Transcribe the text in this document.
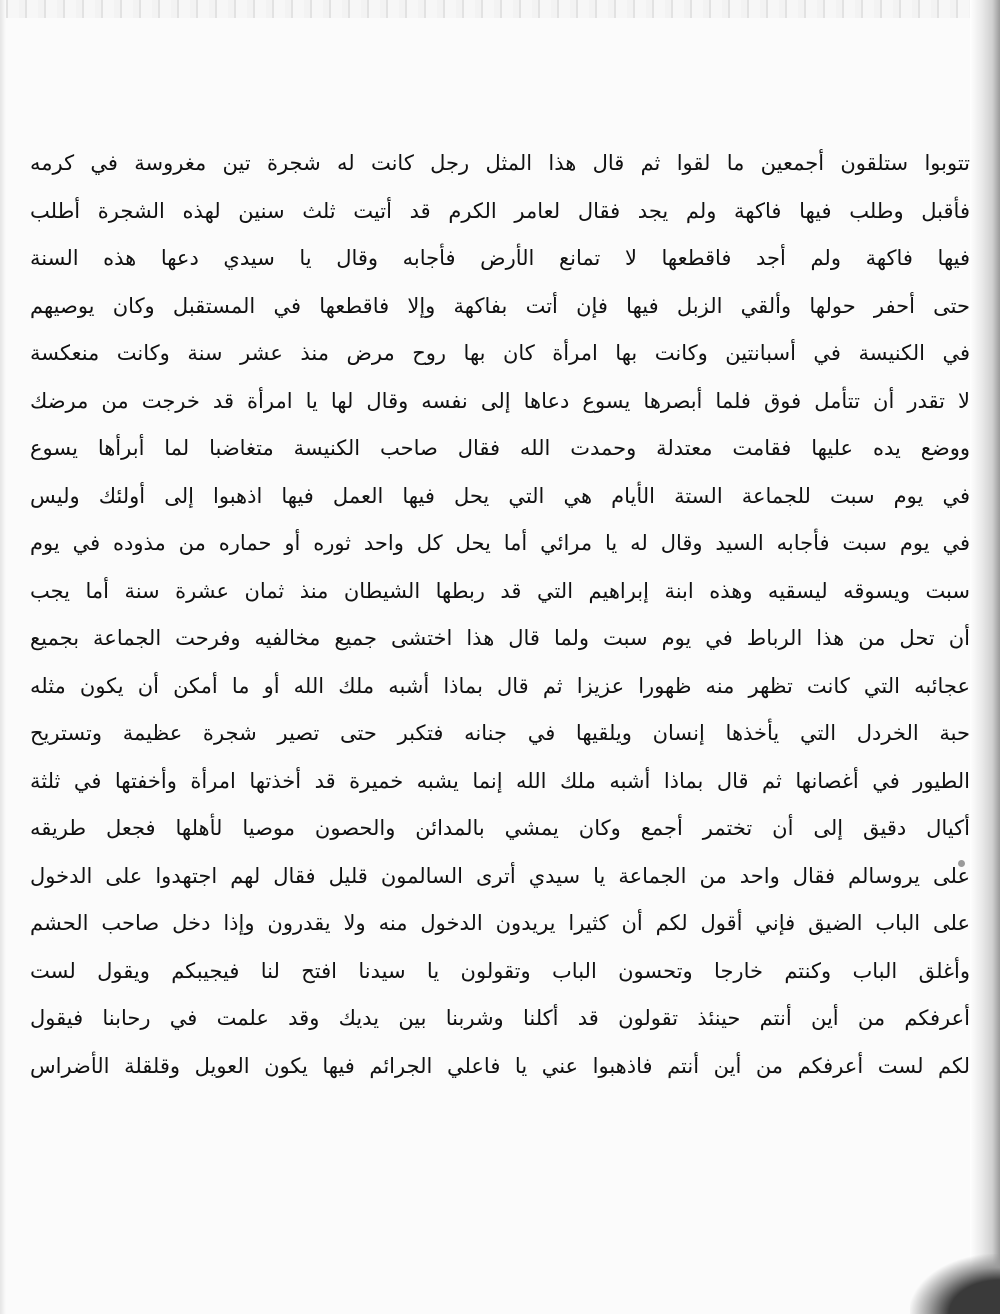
تتوبوا ستلقون أجمعين ما لقوا ثم قال هذا المثل رجل كانت له شجرة تين مغروسة في كرمه
فأقبل وطلب فيها فاكهة ولم يجد فقال لعامر الكرم قد أتيت ثلث سنين لهذه الشجرة أطلب
فيها فاكهة ولم أجد فاقطعها لا تمانع الأرض فأجابه وقال يا سيدي دعها هذه السنة
حتى أحفر حولها وألقي الزبل فيها فإن أتت بفاكهة وإلا فاقطعها في المستقبل وكان يوصيهم
في الكنيسة في أسبانتين وكانت بها امرأة كان بها روح مرض منذ عشر سنة وكانت منعكسة
لا تقدر أن تتأمل فوق فلما أبصرها يسوع دعاها إلى نفسه وقال لها يا امرأة قد خرجت من مرضك
ووضع يده عليها فقامت معتدلة وحمدت الله فقال صاحب الكنيسة متغاضبا لما أبرأها يسوع
في يوم سبت للجماعة الستة الأيام هي التي يحل فيها العمل فيها اذهبوا إلى أولئك وليس
في يوم سبت فأجابه السيد وقال له يا مرائي أما يحل كل واحد ثوره أو حماره من مذوده في يوم
سبت ويسوقه ليسقيه وهذه ابنة إبراهيم التي قد ربطها الشيطان منذ ثمان عشرة سنة أما يجب
أن تحل من هذا الرباط في يوم سبت ولما قال هذا اختشى جميع مخالفيه وفرحت الجماعة بجميع
عجائبه التي كانت تظهر منه ظهورا عزيزا ثم قال بماذا أشبه ملك الله أو ما أمكن أن يكون مثله
حبة الخردل التي يأخذها إنسان ويلقيها في جنانه فتكبر حتى تصير شجرة عظيمة وتستريح
الطيور في أغصانها ثم قال بماذا أشبه ملك الله إنما يشبه خميرة قد أخذتها امرأة وأخفتها في ثلثة
أكيال دقيق إلى أن تختمر أجمع وكان يمشي بالمدائن والحصون موصيا لأهلها فجعل طريقه
على يروسالم فقال واحد من الجماعة يا سيدي أترى السالمون قليل فقال لهم اجتهدوا على الدخول
على الباب الضيق فإني أقول لكم أن كثيرا يريدون الدخول منه ولا يقدرون وإذا دخل صاحب الحشم
وأغلق الباب وكنتم خارجا وتحسون الباب وتقولون يا سيدنا افتح لنا فيجيبكم ويقول لست
أعرفكم من أين أنتم حينئذ تقولون قد أكلنا وشربنا بين يديك وقد علمت في رحابنا فيقول
لكم لست أعرفكم من أين أنتم فاذهبوا عني يا فاعلي الجرائم فيها يكون العويل وقلقلة الأضراس
